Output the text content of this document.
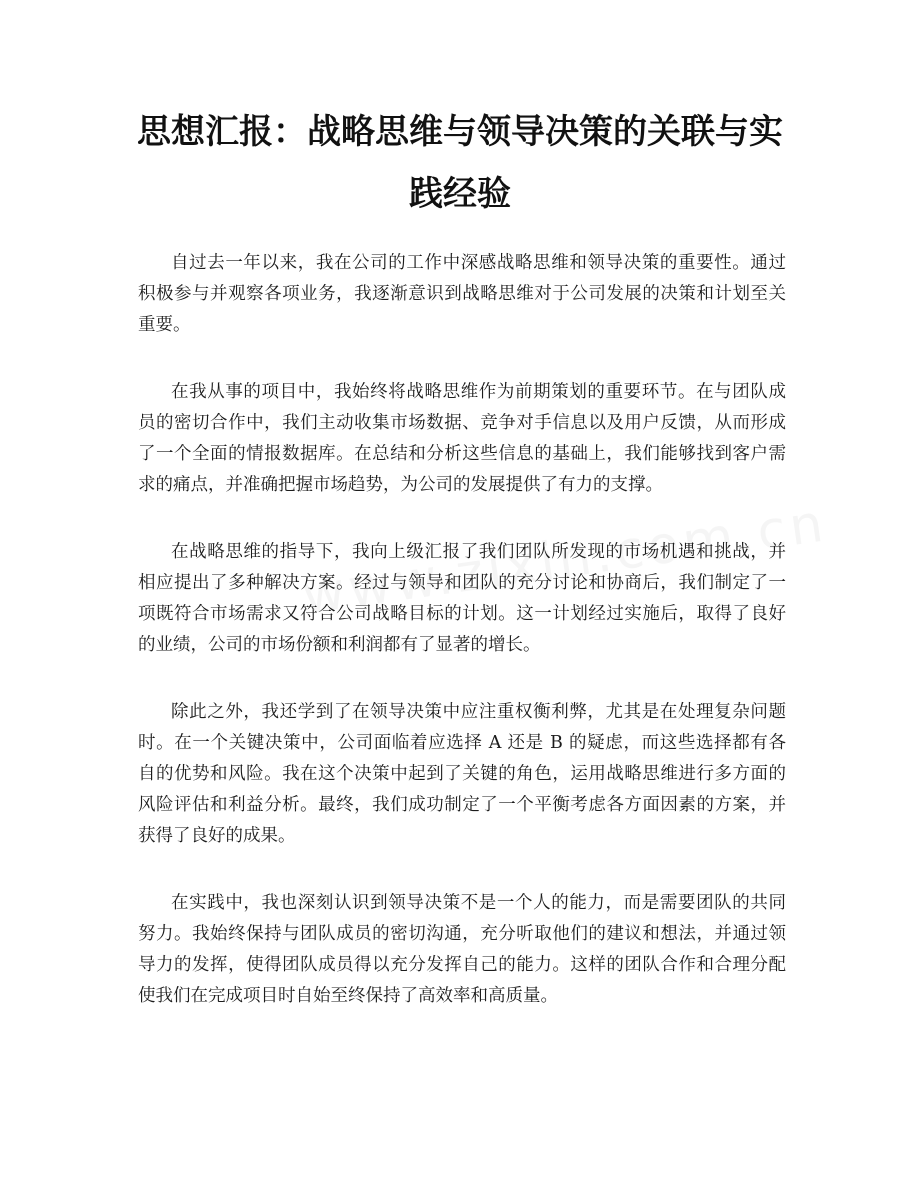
思想汇报：战略思维与领导决策的关联与实
践经验

自过去一年以来，我在公司的工作中深感战略思维和领导决策的重要性。通过
积极参与并观察各项业务，我逐渐意识到战略思维对于公司发展的决策和计划至关
重要。

在我从事的项目中，我始终将战略思维作为前期策划的重要环节。在与团队成
员的密切合作中，我们主动收集市场数据、竞争对手信息以及用户反馈，从而形成
了一个全面的情报数据库。在总结和分析这些信息的基础上，我们能够找到客户需
求的痛点，并准确把握市场趋势，为公司的发展提供了有力的支撑。

在战略思维的指导下，我向上级汇报了我们团队所发现的市场机遇和挑战，并
相应提出了多种解决方案。经过与领导和团队的充分讨论和协商后，我们制定了一
项既符合市场需求又符合公司战略目标的计划。这一计划经过实施后，取得了良好
的业绩，公司的市场份额和利润都有了显著的增长。

除此之外，我还学到了在领导决策中应注重权衡利弊，尤其是在处理复杂问题
时。在一个关键决策中，公司面临着应选择 A 还是 B 的疑虑，而这些选择都有各
自的优势和风险。我在这个决策中起到了关键的角色，运用战略思维进行多方面的
风险评估和利益分析。最终，我们成功制定了一个平衡考虑各方面因素的方案，并
获得了良好的成果。

在实践中，我也深刻认识到领导决策不是一个人的能力，而是需要团队的共同
努力。我始终保持与团队成员的密切沟通，充分听取他们的建议和想法，并通过领
导力的发挥，使得团队成员得以充分发挥自己的能力。这样的团队合作和合理分配
使我们在完成项目时自始至终保持了高效率和高质量。
